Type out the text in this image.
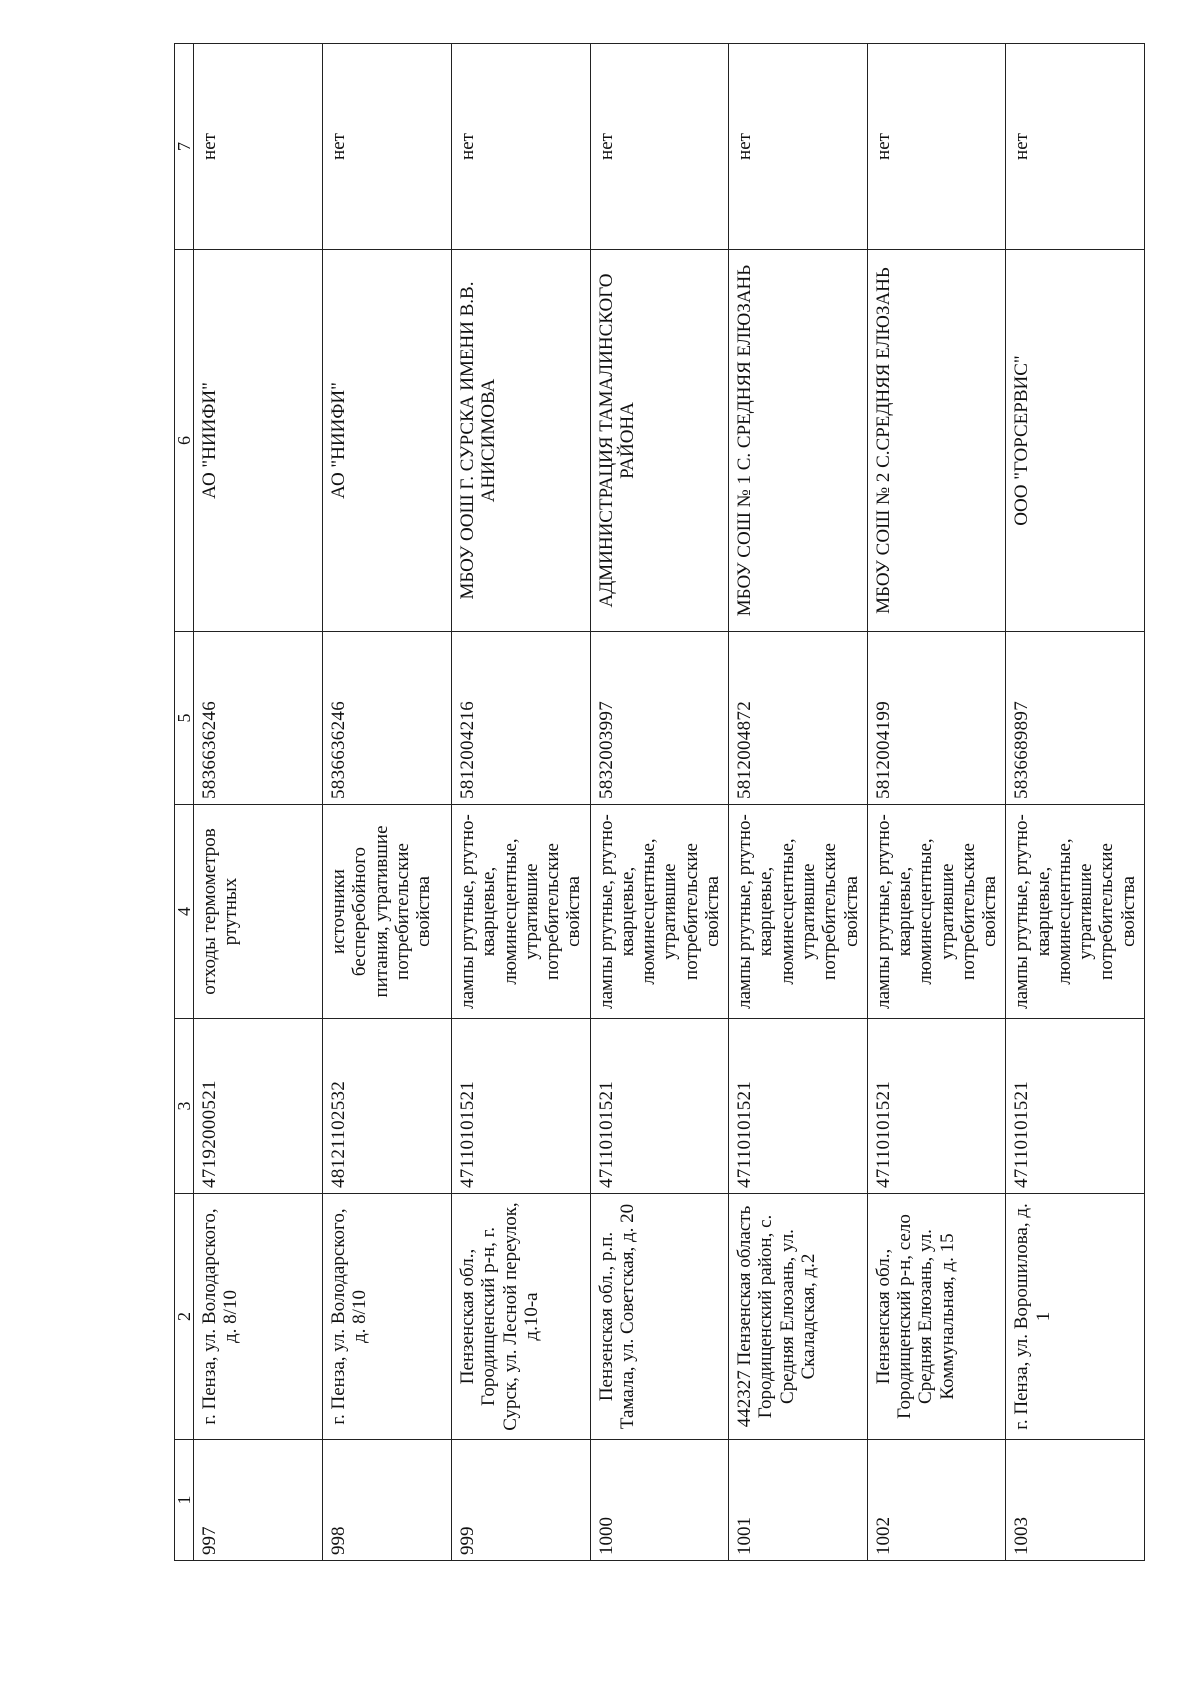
1	2	3	4	5	6	7
997	г. Пенза, ул. Володарского, д. 8/10	47192000521	отходы термометров ртутных	5836636246	АО "НИИФИ"	нет
998	г. Пенза, ул. Володарского, д. 8/10	48121102532	источники бесперебойного питания, утратившие потребительские свойства	5836636246	АО "НИИФИ"	нет
999	Пензенская обл., Городищенский р-н, г. Сурск, ул. Лесной переулок, д.10-а	47110101521	лампы ртутные, ртутно-кварцевые, люминесцентные, утратившие потребительские свойства	5812004216	МБОУ ООШ Г. СУРСКА ИМЕНИ В.В. АНИСИМОВА	нет
1000	Пензенская обл., р.п. Тамала, ул. Советская, д. 20	47110101521	лампы ртутные, ртутно-кварцевые, люминесцентные, утратившие потребительские свойства	5832003997	АДМИНИСТРАЦИЯ ТАМАЛИНСКОГО РАЙОНА	нет
1001	442327 Пензенская область Городищенский район, с. Средняя Елюзань, ул. Скаладская, д.2	47110101521	лампы ртутные, ртутно-кварцевые, люминесцентные, утратившие потребительские свойства	5812004872	МБОУ СОШ № 1 С. СРЕДНЯЯ ЕЛЮЗАНЬ	нет
1002	Пензенская обл., Городищенский р-н, село Средняя Елюзань, ул. Коммунальная, д. 15	47110101521	лампы ртутные, ртутно-кварцевые, люминесцентные, утратившие потребительские свойства	5812004199	МБОУ СОШ № 2 С.СРЕДНЯЯ ЕЛЮЗАНЬ	нет
1003	г. Пенза, ул. Ворошилова, д. 1	47110101521	лампы ртутные, ртутно-кварцевые, люминесцентные, утратившие потребительские свойства	5836689897	ООО "ГОРСЕРВИС"	нет
